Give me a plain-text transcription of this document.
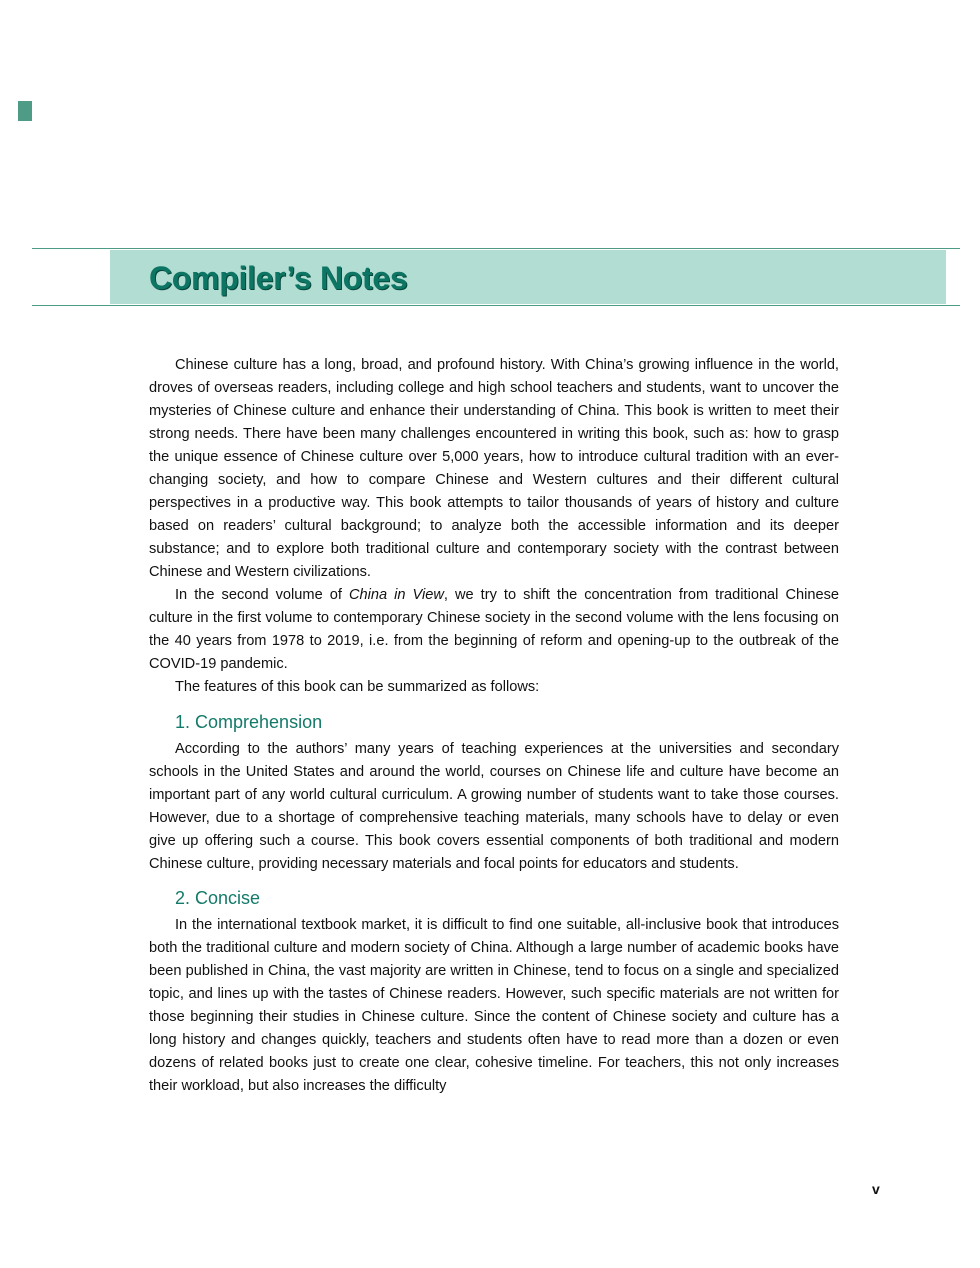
Compiler’s Notes

Chinese culture has a long, broad, and profound history. With China’s growing influence in the world, droves of overseas readers, including college and high school teachers and students, want to uncover the mysteries of Chinese culture and enhance their understanding of China. This book is written to meet their strong needs. There have been many challenges encountered in writing this book, such as: how to grasp the unique essence of Chinese culture over 5,000 years, how to introduce cultural tradition with an ever-changing society, and how to compare Chinese and Western cultures and their different cultural perspectives in a productive way. This book attempts to tailor thousands of years of history and culture based on readers’ cultural background; to analyze both the accessible information and its deeper substance; and to explore both traditional culture and contemporary society with the contrast between Chinese and Western civilizations.

In the second volume of China in View, we try to shift the concentration from traditional Chinese culture in the first volume to contemporary Chinese society in the second volume with the lens focusing on the 40 years from 1978 to 2019, i.e. from the beginning of reform and opening-up to the outbreak of the COVID-19 pandemic.

The features of this book can be summarized as follows:

1. Comprehension

According to the authors’ many years of teaching experiences at the universities and secondary schools in the United States and around the world, courses on Chinese life and culture have become an important part of any world cultural curriculum. A growing number of students want to take those courses. However, due to a shortage of comprehensive teaching materials, many schools have to delay or even give up offering such a course. This book covers essential components of both traditional and modern Chinese culture, providing necessary materials and focal points for educators and students.

2. Concise

In the international textbook market, it is difficult to find one suitable, all-inclusive book that introduces both the traditional culture and modern society of China. Although a large number of academic books have been published in China, the vast majority are written in Chinese, tend to focus on a single and specialized topic, and lines up with the tastes of Chinese readers. However, such specific materials are not written for those beginning their studies in Chinese culture. Since the content of Chinese society and culture has a long history and changes quickly, teachers and students often have to read more than a dozen or even dozens of related books just to create one clear, cohesive timeline. For teachers, this not only increases their workload, but also increases the difficulty

v
